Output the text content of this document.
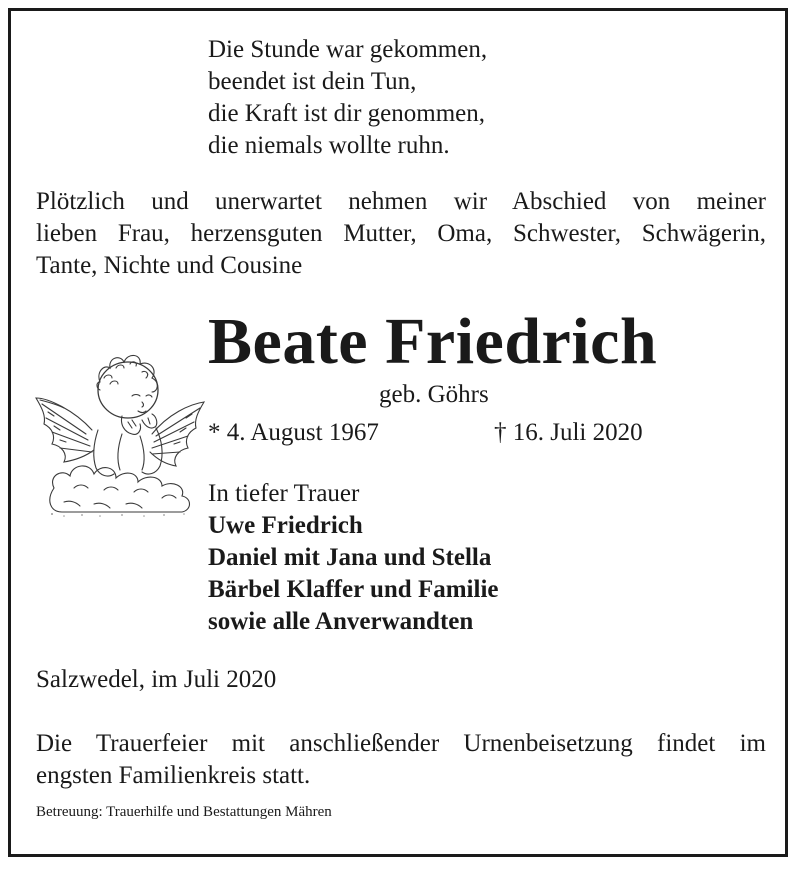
Die Stunde war gekommen,
beendet ist dein Tun,
die Kraft ist dir genommen,
die niemals wollte ruhn.
Plötzlich und unerwartet nehmen wir Abschied von meiner
lieben Frau, herzensguten Mutter, Oma, Schwester, Schwägerin,
Tante, Nichte und Cousine
Beate Friedrich
geb. Göhrs
* 4. August 1967	† 16. Juli 2020
In tiefer Trauer
Uwe Friedrich
Daniel mit Jana und Stella
Bärbel Klaffer und Familie
sowie alle Anverwandten
Salzwedel, im Juli 2020
Die Trauerfeier mit anschließender Urnenbeisetzung findet im
engsten Familienkreis statt.
Betreuung: Trauerhilfe und Bestattungen Mähren
